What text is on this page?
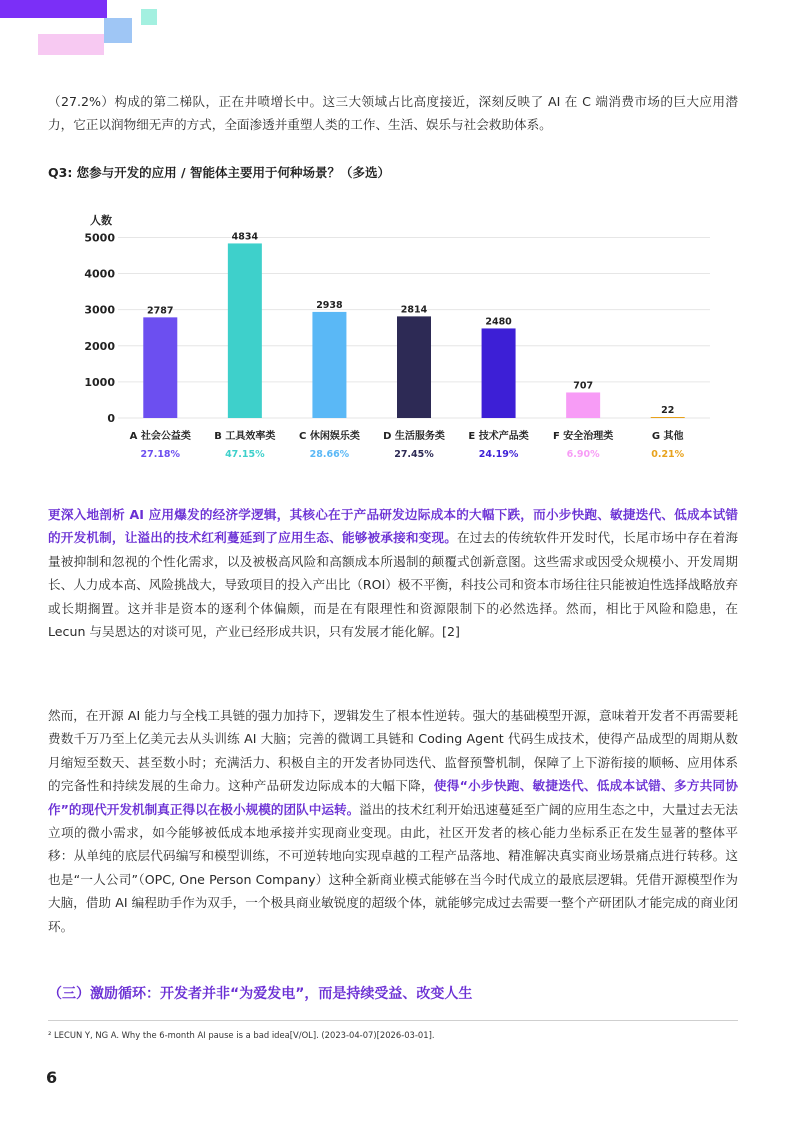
（27.2%）构成的第二梯队，正在井喷增长中。这三大领域占比高度接近，深刻反映了 AI 在 C 端消费市场的巨大应用潜力，它正以润物细无声的方式，全面渗透并重塑人类的工作、生活、娱乐与社会救助体系。
Q3: 您参与开发的应用 / 智能体主要用于何种场景？（多选）
人数
0
1000
2000
3000
4000
5000
2787
A 社会公益类
27.18%
4834
B 工具效率类
47.15%
2938
C 休闲娱乐类
28.66%
2814
D 生活服务类
27.45%
2480
E 技术产品类
24.19%
707
F 安全治理类
6.90%
22
G 其他
0.21%
更深入地剖析 AI 应用爆发的经济学逻辑，其核心在于产品研发边际成本的大幅下跌，而小步快跑、敏捷迭代、低成本试错的开发机制，让溢出的技术红利蔓延到了应用生态、能够被承接和变现。在过去的传统软件开发时代，长尾市场中存在着海量被抑制和忽视的个性化需求，以及被极高风险和高额成本所遏制的颠覆式创新意图。这些需求或因受众规模小、开发周期长、人力成本高、风险挑战大，导致项目的投入产出比（ROI）极不平衡，科技公司和资本市场往往只能被迫性选择战略放弃或长期搁置。这并非是资本的逐利个体偏颇，而是在有限理性和资源限制下的必然选择。然而，相比于风险和隐患，在 Lecun 与吴恩达的对谈可见，产业已经形成共识，只有发展才能化解。[2]
然而，在开源 AI 能力与全栈工具链的强力加持下，逻辑发生了根本性逆转。强大的基础模型开源，意味着开发者不再需要耗费数千万乃至上亿美元去从头训练 AI 大脑；完善的微调工具链和 Coding Agent 代码生成技术，使得产品成型的周期从数月缩短至数天、甚至数小时；充满活力、积极自主的开发者协同迭代、监督预警机制，保障了上下游衔接的顺畅、应用体系的完备性和持续发展的生命力。这种产品研发边际成本的大幅下降，使得“小步快跑、敏捷迭代、低成本试错、多方共同协作”的现代开发机制真正得以在极小规模的团队中运转。溢出的技术红利开始迅速蔓延至广阔的应用生态之中，大量过去无法立项的微小需求，如今能够被低成本地承接并实现商业变现。由此，社区开发者的核心能力坐标系正在发生显著的整体平移：从单纯的底层代码编写和模型训练，不可逆转地向实现卓越的工程产品落地、精准解决真实商业场景痛点进行转移。这也是“一人公司”（OPC, One Person Company）这种全新商业模式能够在当今时代成立的最底层逻辑。凭借开源模型作为大脑，借助 AI 编程助手作为双手，一个极具商业敏锐度的超级个体，就能够完成过去需要一整个产研团队才能完成的商业闭环。
（三）激励循环：开发者并非“为爱发电”，而是持续受益、改变人生
² LECUN Y, NG A. Why the 6-month AI pause is a bad idea[V/OL]. (2023-04-07)[2026-03-01].
6
